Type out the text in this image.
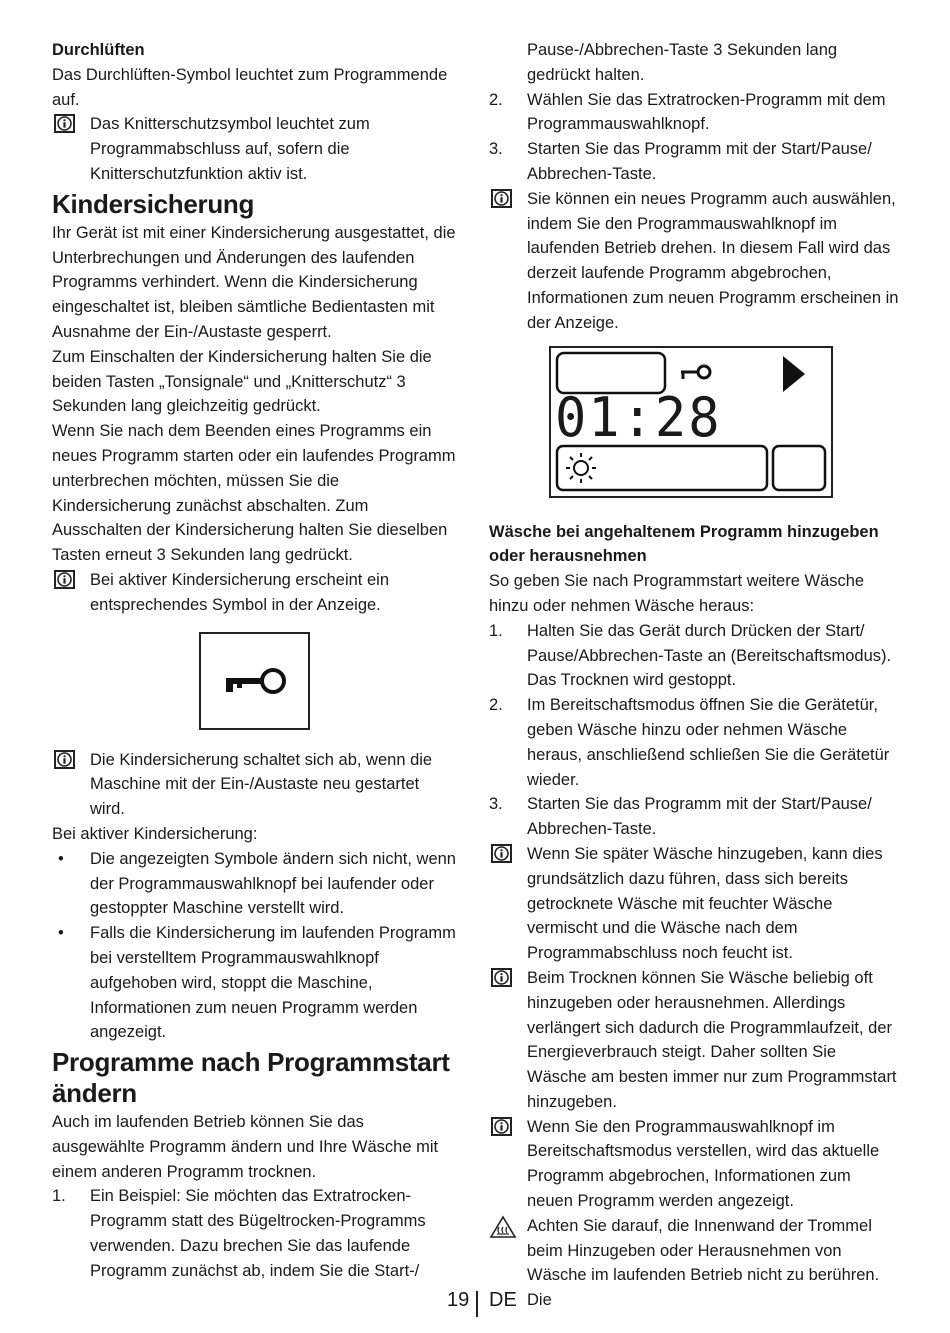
Durchlüften

Das Durchlüften-Symbol leuchtet zum Programmende auf.

Das Knitterschutzsymbol leuchtet zum Programmabschluss auf, sofern die Knitterschutzfunktion aktiv ist.

Kindersicherung

Ihr Gerät ist mit einer Kindersicherung ausgestattet, die Unterbrechungen und Änderungen des laufenden Programms verhindert. Wenn die Kindersicherung eingeschaltet ist, bleiben sämtliche Bedientasten mit Ausnahme der Ein-/Austaste gesperrt.

Zum Einschalten der Kindersicherung halten Sie die beiden Tasten „Tonsignale“ und „Knitterschutz“ 3 Sekunden lang gleichzeitig gedrückt.

Wenn Sie nach dem Beenden eines Programms ein neues Programm starten oder ein laufendes Programm unterbrechen möchten, müssen Sie die Kindersicherung zunächst abschalten. Zum Ausschalten der Kindersicherung halten Sie dieselben Tasten erneut 3 Sekunden lang gedrückt.

Bei aktiver Kindersicherung erscheint ein entsprechendes Symbol in der Anzeige.

Die Kindersicherung schaltet sich ab, wenn die Maschine mit der Ein-/Austaste neu gestartet wird.

Bei aktiver Kindersicherung:

• Die angezeigten Symbole ändern sich nicht, wenn der Programmauswahlknopf bei laufender oder gestoppter Maschine verstellt wird.

• Falls die Kindersicherung im laufenden Programm bei verstelltem Programmauswahlknopf aufgehoben wird, stoppt die Maschine, Informationen zum neuen Programm werden angezeigt.

Programme nach Programmstart ändern

Auch im laufenden Betrieb können Sie das ausgewählte Programm ändern und Ihre Wäsche mit einem anderen Programm trocknen.

1. Ein Beispiel: Sie möchten das Extratrocken-Programm statt des Bügeltrocken-Programms verwenden. Dazu brechen Sie das laufende Programm zunächst ab, indem Sie die Start-/

Pause-/Abbrechen-Taste 3 Sekunden lang gedrückt halten.

2. Wählen Sie das Extratrocken-Programm mit dem Programmauswahlknopf.

3. Starten Sie das Programm mit der Start/Pause/ Abbrechen-Taste.

Sie können ein neues Programm auch auswählen, indem Sie den Programmauswahlknopf im laufenden Betrieb drehen. In diesem Fall wird das derzeit laufende Programm abgebrochen, Informationen zum neuen Programm erscheinen in der Anzeige.

01:28

Wäsche bei angehaltenem Programm hinzugeben oder herausnehmen

So geben Sie nach Programmstart weitere Wäsche hinzu oder nehmen Wäsche heraus:

1. Halten Sie das Gerät durch Drücken der Start/ Pause/Abbrechen-Taste an (Bereitschaftsmodus). Das Trocknen wird gestoppt.

2. Im Bereitschaftsmodus öffnen Sie die Gerätetür, geben Wäsche hinzu oder nehmen Wäsche heraus, anschließend schließen Sie die Gerätetür wieder.

3. Starten Sie das Programm mit der Start/Pause/ Abbrechen-Taste.

Wenn Sie später Wäsche hinzugeben, kann dies grundsätzlich dazu führen, dass sich bereits getrocknete Wäsche mit feuchter Wäsche vermischt und die Wäsche nach dem Programmabschluss noch feucht ist.

Beim Trocknen können Sie Wäsche beliebig oft hinzugeben oder herausnehmen. Allerdings verlängert sich dadurch die Programmlaufzeit, der Energieverbrauch steigt. Daher sollten Sie Wäsche am besten immer nur zum Programmstart hinzugeben.

Wenn Sie den Programmauswahlknopf im Bereitschaftsmodus verstellen, wird das aktuelle Programm abgebrochen, Informationen zum neuen Programm werden angezeigt.

Achten Sie darauf, die Innenwand der Trommel beim Hinzugeben oder Herausnehmen von Wäsche im laufenden Betrieb nicht zu berühren. Die

19 DE
